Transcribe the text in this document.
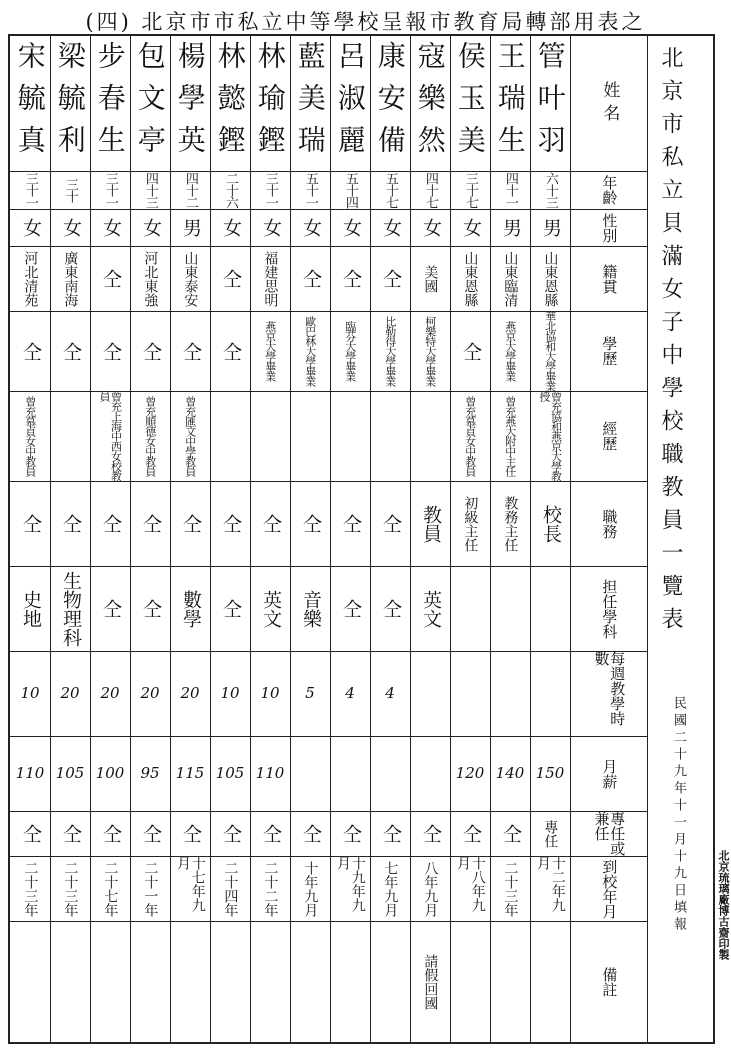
(四) 北京市市私立中等學校呈報市教育局轉部用表之
管叶羽
六十三
男
山東恩縣
華北協和大學畢業
曾充協和燕京大學教授
校長
150
專任
十二年九月
王瑞生
四十一
男
山東臨清
燕京大學畢業
曾充燕大附中主任
教務主任
140
仝
二十三年
侯玉美
三十七
女
山東恩縣
仝
曾充慕貞女中教員
初級主任
120
仝
十八年九月
寇樂然
四十七
女
美國
柯樂特大學畢業
教員
英文
仝
八年九月
請假回國
康安備
五十七
女
仝
比勒得大學畢業
仝
仝
4
仝
七年九月
呂淑麗
五十四
女
仝
臨芬大學畢業
仝
仝
4
仝
十九年九月
藍美瑞
五十一
女
仝
歐巴林大學畢業
仝
音樂
5
仝
十年九月
林瑜鏗
三十一
女
福建思明
燕京大學畢業
仝
英文
10
110
仝
二十二年
林懿鏗
二十六
女
仝
仝
仝
仝
10
105
仝
二十四年
楊學英
四十二
男
山東泰安
仝
曾充匯文中學教員
仝
數學
20
115
仝
十七年九月
包文亭
四十三
女
河北東強
仝
曾充順德女中教員
仝
仝
20
95
仝
二十一年
步春生
三十一
女
仝
仝
曾充上海中西女校教員
仝
仝
20
100
仝
二十七年
梁毓利
三十
女
廣東南海
仝
仝
生物理科
20
105
仝
二十三年
宋毓真
三十一
女
河北清苑
仝
曾充慕貞女中教員
仝
史地
10
110
仝
二十三年
姓名
年齡
性別
籍貫
學歷
經歷
職務
担任學科
每週教學時數
月薪
專任或兼任
到校年月
備註
北京市私立貝滿女子中學校職教員一覽表
民國二十九年十一月十九日填報	北京琉璃廠博古齋印製
